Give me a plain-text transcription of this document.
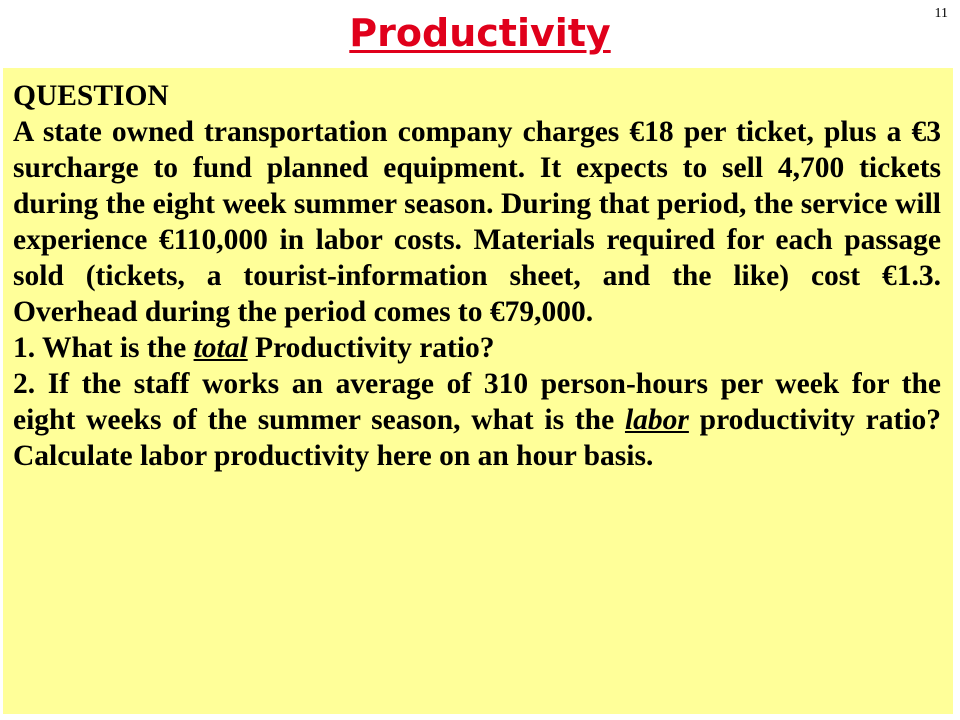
Productivity	11

QUESTION

A state owned transportation company charges €18 per ticket, plus a €3 surcharge to fund planned equipment. It expects to sell 4,700 tickets during the eight week summer season. During that period, the service will experience €110,000 in labor costs. Materials required for each passage sold (tickets, a tourist-information sheet, and the like) cost €1.3. Overhead during the period comes to €79,000.

1. What is the total Productivity ratio?

2. If the staff works an average of 310 person-hours per week for the eight weeks of the summer season, what is the labor productivity ratio? Calculate labor productivity here on an hour basis.
